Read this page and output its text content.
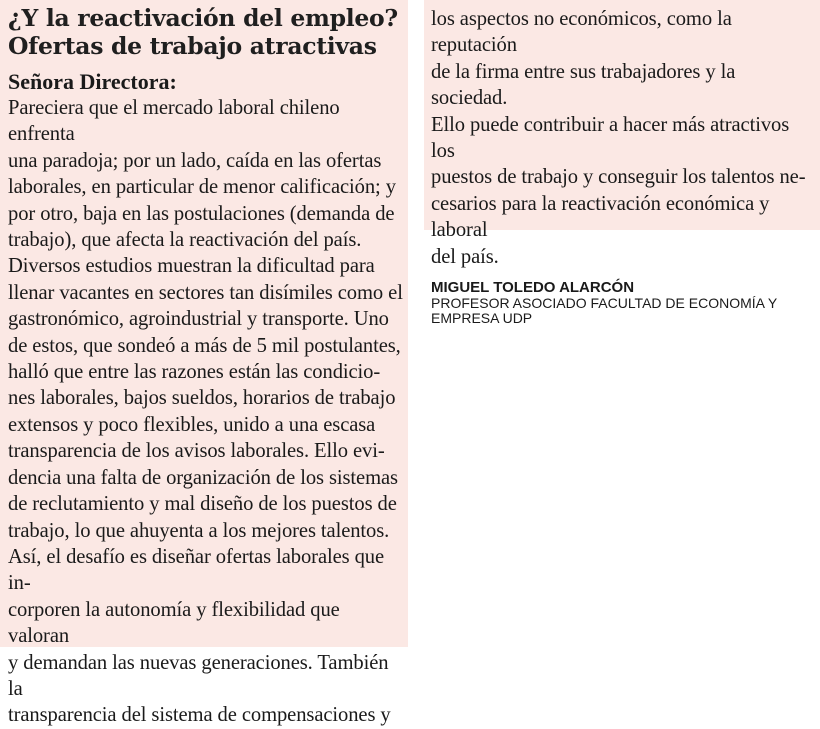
¿Y la reactivación del empleo?
Ofertas de trabajo atractivas

Señora Directora:

Pareciera que el mercado laboral chileno enfrenta
una paradoja; por un lado, caída en las ofertas
laborales, en particular de menor calificación; y
por otro, baja en las postulaciones (demanda de
trabajo), que afecta la reactivación del país.
Diversos estudios muestran la dificultad para
llenar vacantes en sectores tan disímiles como el
gastronómico, agroindustrial y transporte. Uno
de estos, que sondeó a más de 5 mil postulantes,
halló que entre las razones están las condicio-
nes laborales, bajos sueldos, horarios de trabajo
extensos y poco flexibles, unido a una escasa
transparencia de los avisos laborales. Ello evi-
dencia una falta de organización de los sistemas
de reclutamiento y mal diseño de los puestos de
trabajo, lo que ahuyenta a los mejores talentos.
Así, el desafío es diseñar ofertas laborales que in-
corporen la autonomía y flexibilidad que valoran
y demandan las nuevas generaciones. También la
transparencia del sistema de compensaciones y

los aspectos no económicos, como la reputación
de la firma entre sus trabajadores y la sociedad.
Ello puede contribuir a hacer más atractivos los
puestos de trabajo y conseguir los talentos ne-
cesarios para la reactivación económica y laboral
del país.

MIGUEL TOLEDO ALARCÓN

PROFESOR ASOCIADO FACULTAD DE ECONOMÍA Y
EMPRESA UDP
